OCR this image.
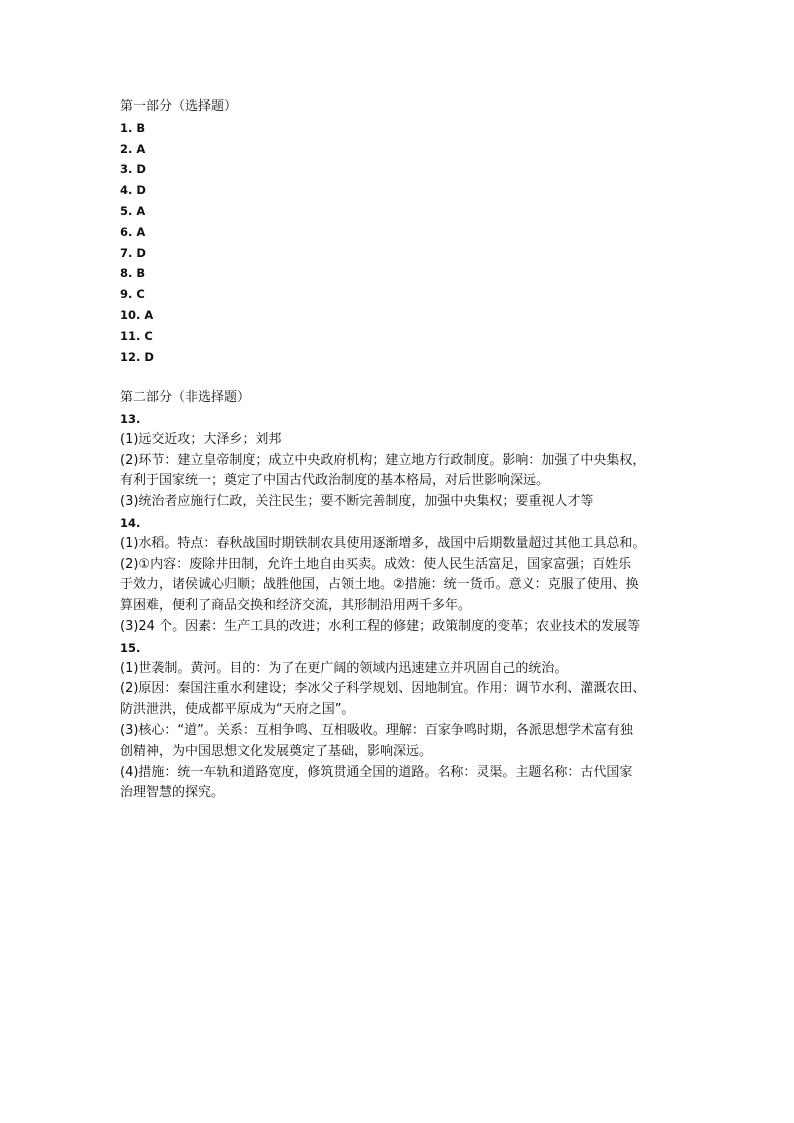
第一部分（选择题）
1. B
2. A
3. D
4. D
5. A
6. A
7. D
8. B
9. C
10. A
11. C
12. D
第二部分（非选择题）
13.
(1)远交近攻；大泽乡；刘邦
(2)环节：建立皇帝制度；成立中央政府机构；建立地方行政制度。影响：加强了中央集权，
有利于国家统一；奠定了中国古代政治制度的基本格局，对后世影响深远。
(3)统治者应施行仁政，关注民生；要不断完善制度，加强中央集权；要重视人才等
14.
(1)水稻。特点：春秋战国时期铁制农具使用逐渐增多，战国中后期数量超过其他工具总和。
(2)①内容：废除井田制，允许土地自由买卖。成效：使人民生活富足，国家富强；百姓乐
于效力，诸侯诚心归顺；战胜他国，占领土地。②措施：统一货币。意义：克服了使用、换
算困难，便利了商品交换和经济交流，其形制沿用两千多年。
(3)24 个。因素：生产工具的改进；水利工程的修建；政策制度的变革；农业技术的发展等
15.
(1)世袭制。黄河。目的：为了在更广阔的领域内迅速建立并巩固自己的统治。
(2)原因：秦国注重水利建设；李冰父子科学规划、因地制宜。作用：调节水利、灌溉农田、
防洪泄洪，使成都平原成为“天府之国”。
(3)核心：“道”。关系：互相争鸣、互相吸收。理解：百家争鸣时期，各派思想学术富有独
创精神，为中国思想文化发展奠定了基础，影响深远。
(4)措施：统一车轨和道路宽度，修筑贯通全国的道路。名称：灵渠。主题名称：古代国家
治理智慧的探究。
